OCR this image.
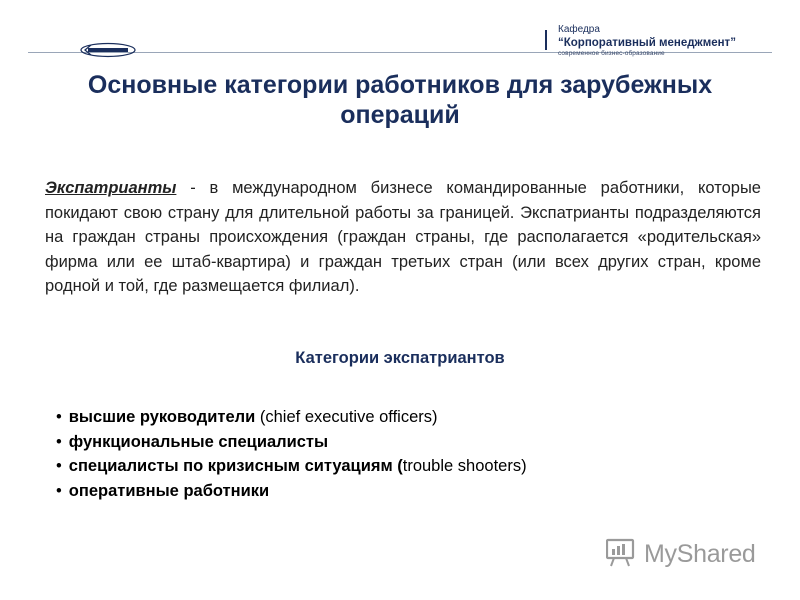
Кафедра
“Корпоративный менеджмент”
современное бизнес-образование
Основные категории работников для зарубежных операций

Экспатрианты - в международном бизнесе командированные работники, которые покидают свою страну для длительной работы за границей. Экспатрианты подразделяются на граждан страны происхождения (граждан страны, где располагается «родительская» фирма или ее штаб-квартира) и граждан третьих стран (или всех других стран, кроме родной и той, где размещается филиал).

Категории экспатриантов
• высшие руководители (chief executive officers)
• функциональные специалисты
• специалисты по кризисным ситуациям (trouble shooters)
• оперативные работники
MyShared
